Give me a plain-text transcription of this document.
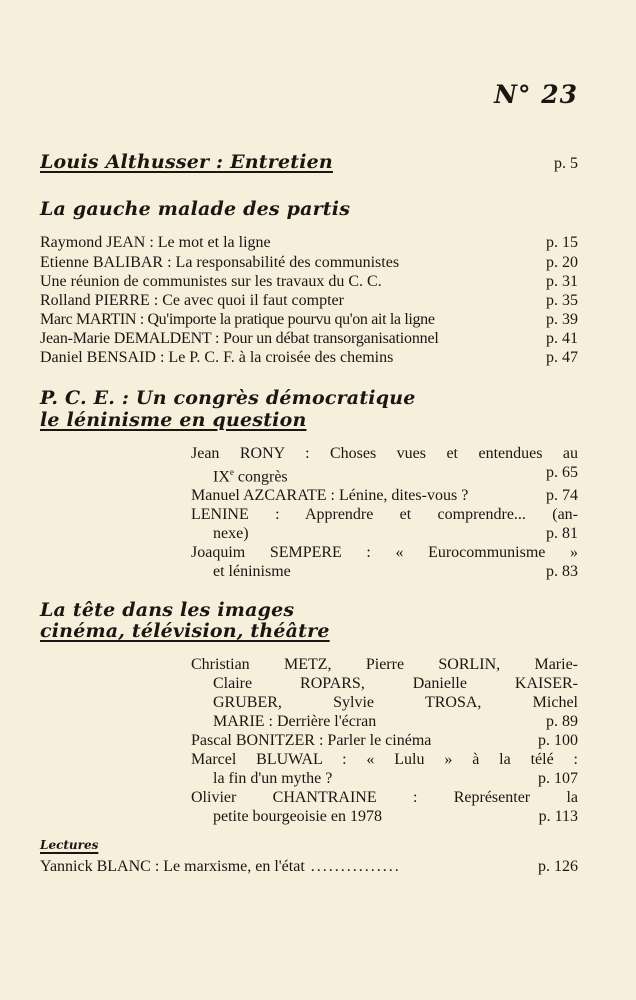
N° 23
Louis Althusser : Entretien	p. 5
La gauche malade des partis
Raymond JEAN : Le mot et la ligne	p. 15
Etienne BALIBAR : La responsabilité des communistes	p. 20
Une réunion de communistes sur les travaux du C. C.	p. 31
Rolland PIERRE : Ce avec quoi il faut compter	p. 35
Marc MARTIN : Qu'importe la pratique pourvu qu'on ait la ligne	p. 39
Jean-Marie DEMALDENT : Pour un débat transorganisationnel	p. 41
Daniel BENSAID : Le P. C. F. à la croisée des chemins	p. 47
P. C. E. : Un congrès démocratique
le léninisme en question
Jean RONY : Choses vues et entendues au
IXe congrès	p. 65
Manuel AZCARATE : Lénine, dites-vous ?	p. 74
LENINE : Apprendre et comprendre... (an-
nexe)	p. 81
Joaquim SEMPERE : « Eurocommunisme »
et léninisme	p. 83
La tête dans les images
cinéma, télévision, théâtre
Christian METZ, Pierre SORLIN, Marie-
Claire ROPARS, Danielle KAISER-
GRUBER, Sylvie TROSA, Michel
MARIE : Derrière l'écran	p. 89
Pascal BONITZER : Parler le cinéma	p. 100
Marcel BLUWAL : « Lulu » à la télé :
la fin d'un mythe ?	p. 107
Olivier CHANTRAINE : Représenter la
petite bourgeoisie en 1978	p. 113
Lectures
Yannick BLANC : Le marxisme, en l'état ...............	p. 126
